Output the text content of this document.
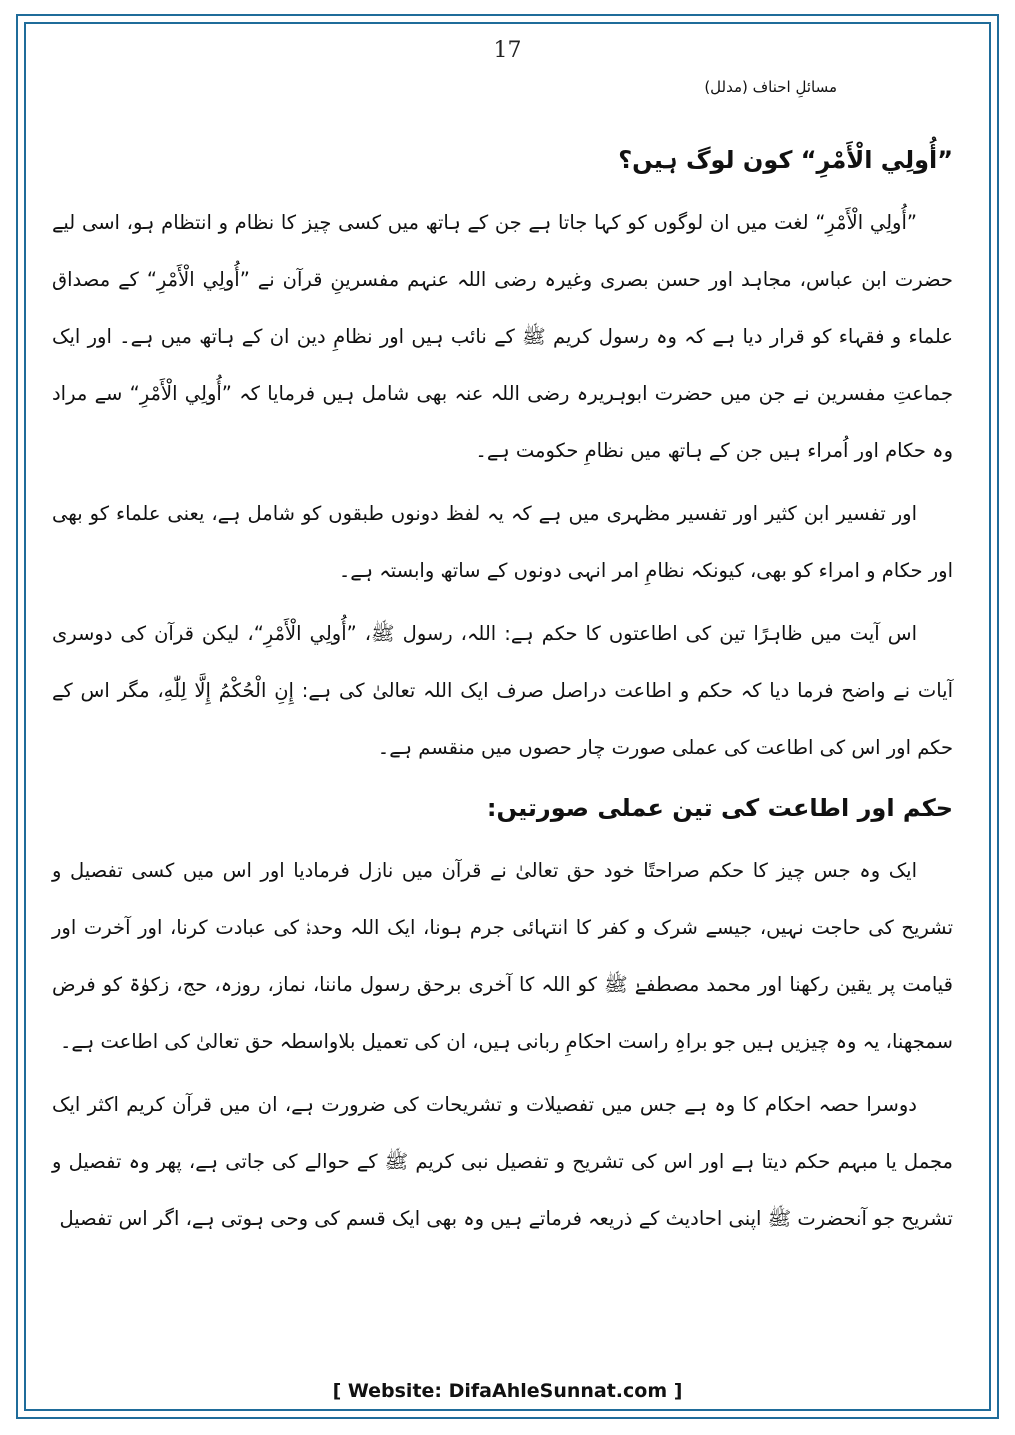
17
مسائلِ احناف (مدلل)
”أُولِي الْأَمْرِ“ کون لوگ ہیں؟

”أُولِي الْأَمْرِ“ لغت میں ان لوگوں کو کہا جاتا ہے جن کے ہاتھ میں کسی چیز کا نظام و انتظام ہو، اسی لیے حضرت ابن عباس، مجاہد اور حسن بصری وغیرہ رضی اللہ عنہم مفسرینِ قرآن نے ”أُولِي الْأَمْرِ“ کے مصداق علماء و فقہاء کو قرار دیا ہے کہ وہ رسول کریم ﷺ کے نائب ہیں اور نظامِ دین ان کے ہاتھ میں ہے۔ اور ایک جماعتِ مفسرین نے جن میں حضرت ابوہریرہ رضی اللہ عنہ بھی شامل ہیں فرمایا کہ ”أُولِي الْأَمْرِ“ سے مراد وہ حکام اور اُمراء ہیں جن کے ہاتھ میں نظامِ حکومت ہے۔

اور تفسیر ابن کثیر اور تفسیر مظہری میں ہے کہ یہ لفظ دونوں طبقوں کو شامل ہے، یعنی علماء کو بھی اور حکام و امراء کو بھی، کیونکہ نظامِ امر انہی دونوں کے ساتھ وابستہ ہے۔

اس آیت میں ظاہرًا تین کی اطاعتوں کا حکم ہے: اللہ، رسول ﷺ، ”أُولِي الْأَمْرِ“، لیکن قرآن کی دوسری آیات نے واضح فرما دیا کہ حکم و اطاعت دراصل صرف ایک اللہ تعالیٰ کی ہے: إِنِ الْحُكْمُ إِلَّا لِلّٰهِ، مگر اس کے حکم اور اس کی اطاعت کی عملی صورت چار حصوں میں منقسم ہے۔

حکم اور اطاعت کی تین عملی صورتیں:

ایک وہ جس چیز کا حکم صراحتًا خود حق تعالیٰ نے قرآن میں نازل فرمادیا اور اس میں کسی تفصیل و تشریح کی حاجت نہیں، جیسے شرک و کفر کا انتہائی جرم ہونا، ایک اللہ وحدہٗ کی عبادت کرنا، اور آخرت اور قیامت پر یقین رکھنا اور محمد مصطفےٰ ﷺ کو اللہ کا آخری برحق رسول ماننا، نماز، روزہ، حج، زکوٰۃ کو فرض سمجھنا، یہ وہ چیزیں ہیں جو براہِ راست احکامِ ربانی ہیں، ان کی تعمیل بلاواسطہ حق تعالیٰ کی اطاعت ہے۔

دوسرا حصہ احکام کا وہ ہے جس میں تفصیلات و تشریحات کی ضرورت ہے، ان میں قرآن کریم اکثر ایک مجمل یا مبہم حکم دیتا ہے اور اس کی تشریح و تفصیل نبی کریم ﷺ کے حوالے کی جاتی ہے، پھر وہ تفصیل و تشریح جو آنحضرت ﷺ اپنی احادیث کے ذریعہ فرماتے ہیں وہ بھی ایک قسم کی وحی ہوتی ہے، اگر اس تفصیل

[ Website: DifaAhleSunnat.com ]
